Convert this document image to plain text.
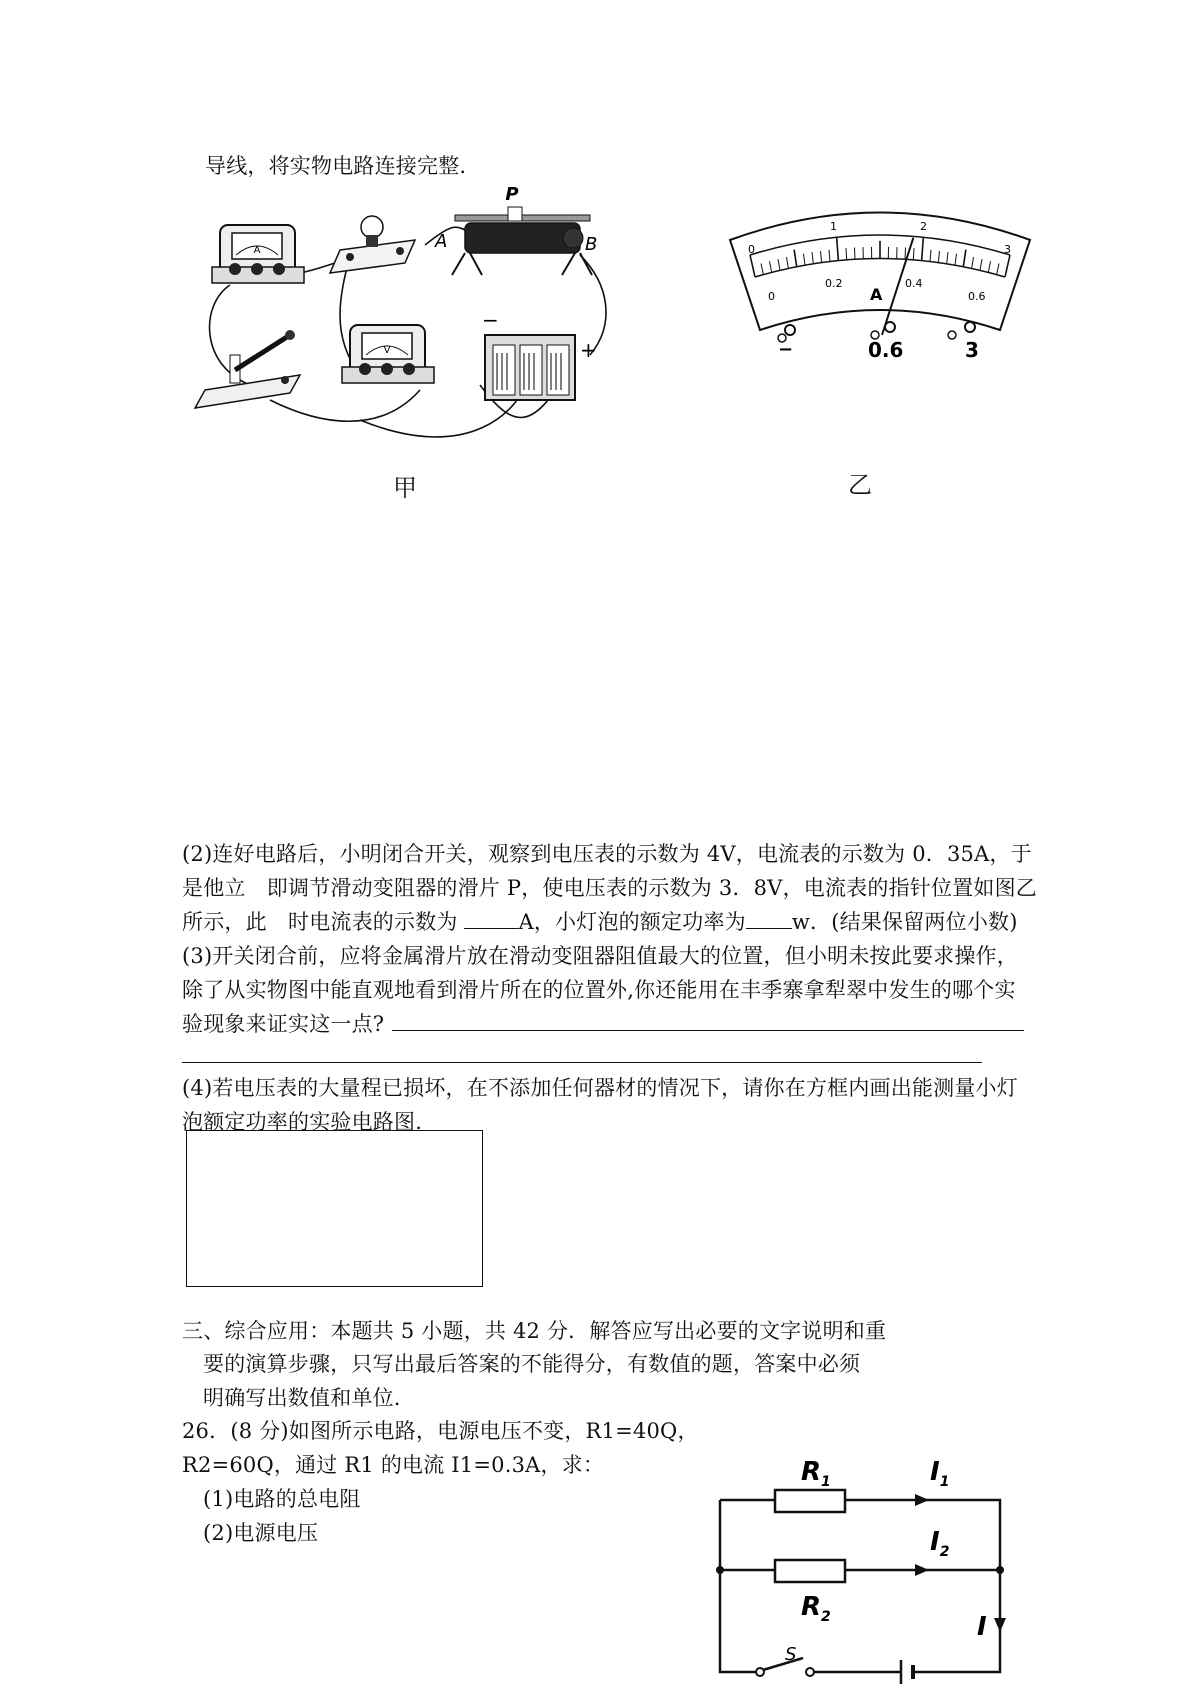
导线，将实物电路连接完整.
A
P
A	B
V
−
+
甲
0
1	2
3
0
0.2	0.4
0.6
A
−	0.6	3
乙
(2)连好电路后，小明闭合开关，观察到电压表的示数为 4V，电流表的示数为 0．35A，于
是他立　即调节滑动变阻器的滑片 P，使电压表的示数为 3．8V，电流表的指针位置如图乙
所示，此　时电流表的示数为	A，小灯泡的额定功率为 w．(结果保留两位小数)
(3)开关闭合前，应将金属滑片放在滑动变阻器阻值最大的位置，但小明未按此要求操作，
除了从实物图中能直观地看到滑片所在的位置外,你还能用在丰季寨拿犁翠中发生的哪个实
验现象来证实这一点?
(4)若电压表的大量程已损坏，在不添加任何器材的情况下，请你在方框内画出能测量小灯
泡额定功率的实验电路图.
三、综合应用：本题共 5 小题，共 42 分．解答应写出必要的文字说明和重
要的演算步骤，只写出最后答案的不能得分，有数值的题，答案中必须
明确写出数值和单位.
26．(8 分)如图所示电路，电源电压不变，R1=40Q，
R2=60Q，通过 R1 的电流 I1=0.3A，求：
(1)电路的总电阻
(2)电源电压
$R_1$
$R_2$
$I_1$
$I_2$
I
S
